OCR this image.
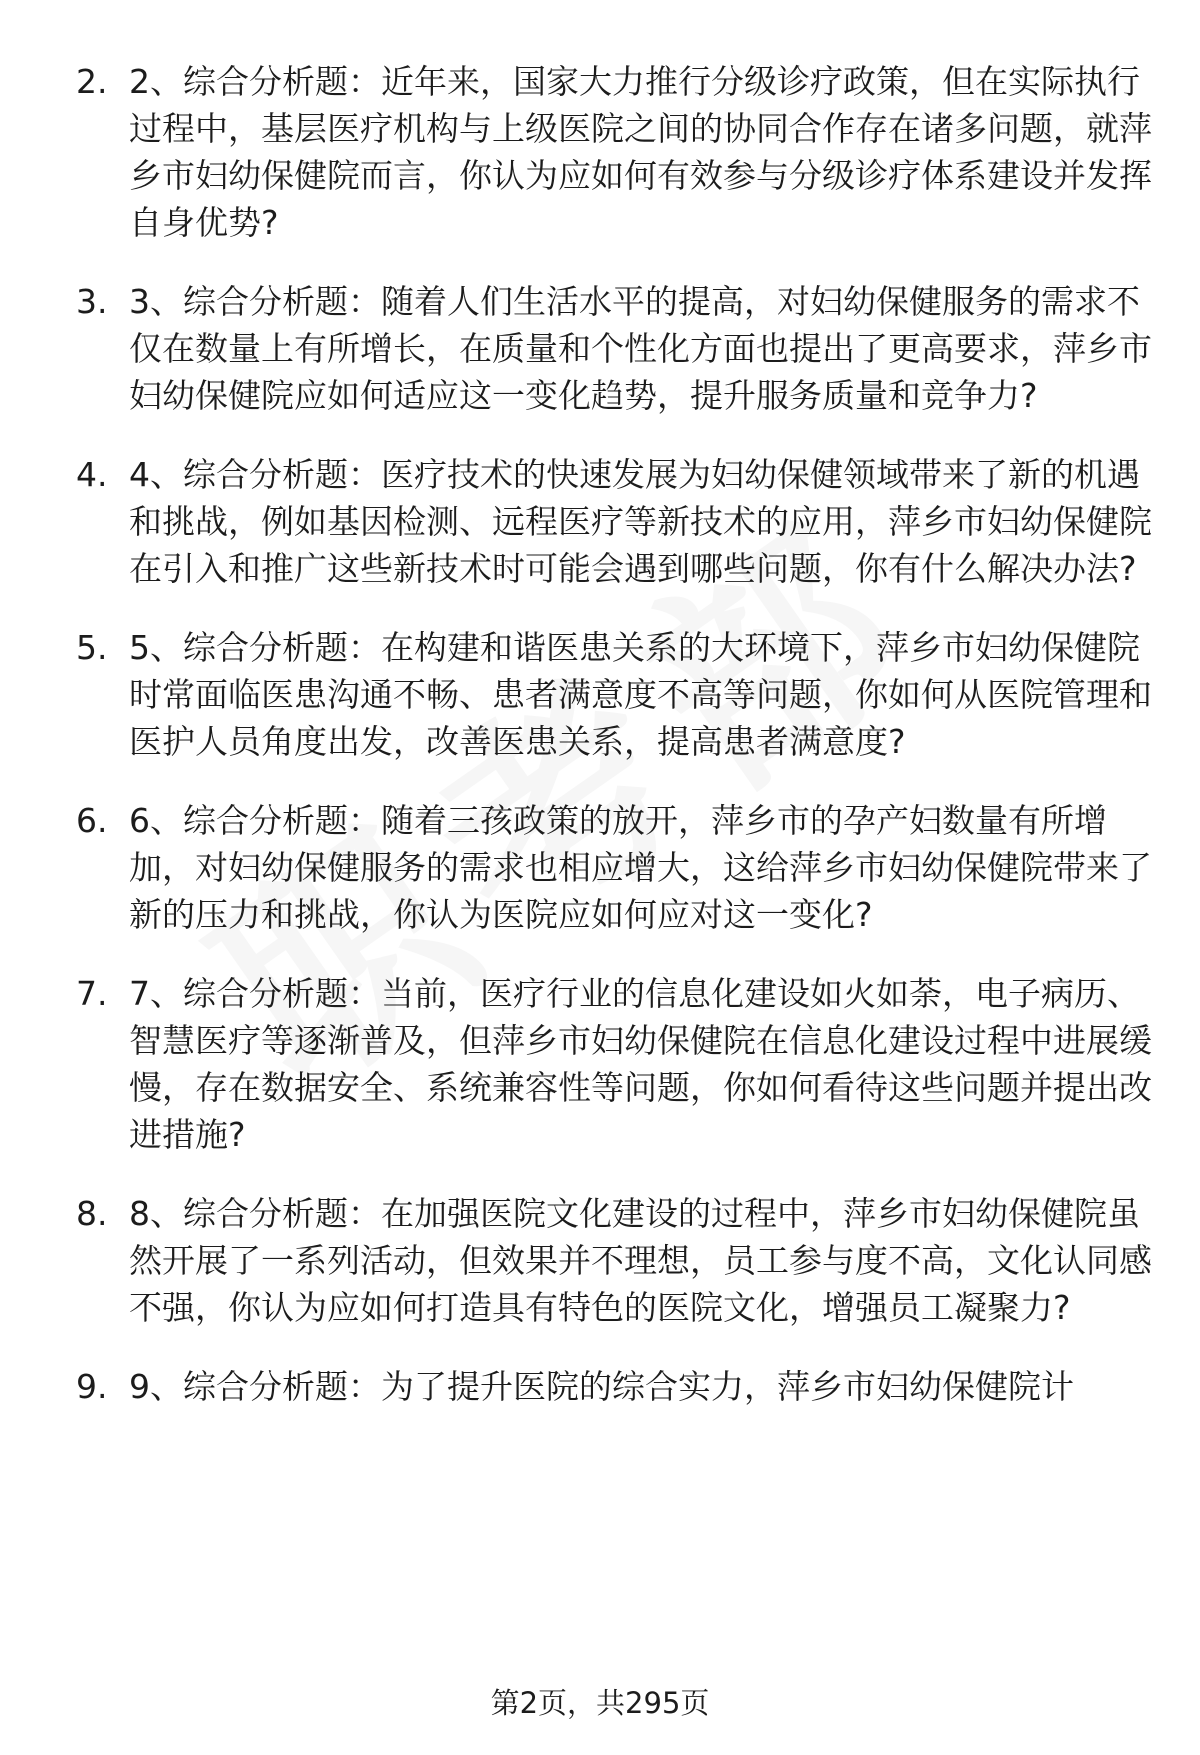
2. 2、综合分析题：近年来，国家大力推行分级诊疗政策，但在实际执行过程中，基层医疗机构与上级医院之间的协同合作存在诸多问题，就萍乡市妇幼保健院而言，你认为应如何有效参与分级诊疗体系建设并发挥自身优势?
3. 3、综合分析题：随着人们生活水平的提高，对妇幼保健服务的需求不仅在数量上有所增长，在质量和个性化方面也提出了更高要求，萍乡市妇幼保健院应如何适应这一变化趋势，提升服务质量和竞争力?
4. 4、综合分析题：医疗技术的快速发展为妇幼保健领域带来了新的机遇和挑战，例如基因检测、远程医疗等新技术的应用，萍乡市妇幼保健院在引入和推广这些新技术时可能会遇到哪些问题，你有什么解决办法?
5. 5、综合分析题：在构建和谐医患关系的大环境下，萍乡市妇幼保健院时常面临医患沟通不畅、患者满意度不高等问题，你如何从医院管理和医护人员角度出发，改善医患关系，提高患者满意度?
6. 6、综合分析题：随着三孩政策的放开，萍乡市的孕产妇数量有所增加，对妇幼保健服务的需求也相应增大，这给萍乡市妇幼保健院带来了新的压力和挑战，你认为医院应如何应对这一变化?
7. 7、综合分析题：当前，医疗行业的信息化建设如火如荼，电子病历、智慧医疗等逐渐普及，但萍乡市妇幼保健院在信息化建设过程中进展缓慢，存在数据安全、系统兼容性等问题，你如何看待这些问题并提出改进措施?
8. 8、综合分析题：在加强医院文化建设的过程中，萍乡市妇幼保健院虽然开展了一系列活动，但效果并不理想，员工参与度不高，文化认同感不强，你认为应如何打造具有特色的医院文化，增强员工凝聚力?
9. 9、综合分析题：为了提升医院的综合实力，萍乡市妇幼保健院计
第2页，共295页
